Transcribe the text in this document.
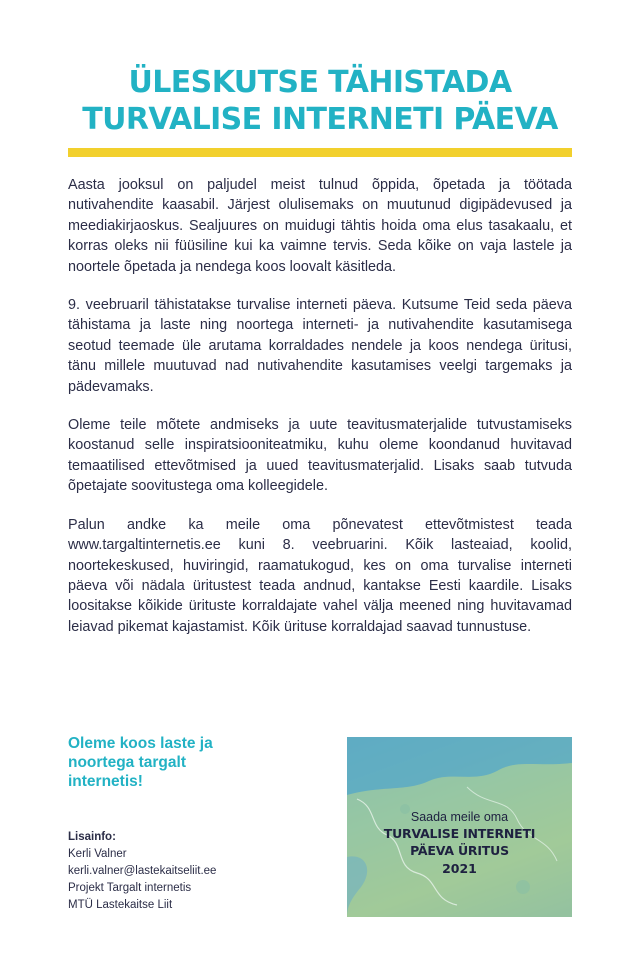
ÜLESKUTSE TÄHISTADA
TURVALISE INTERNETI PÄEVA

Aasta jooksul on paljudel meist tulnud õppida, õpetada ja töötada nutivahendite kaasabil. Järjest olulisemaks on muutunud digipädevused ja meediakirjaoskus. Sealjuures on muidugi tähtis hoida oma elus tasakaalu, et korras oleks nii füüsiline kui ka vaimne tervis. Seda kõike on vaja lastele ja noortele õpetada ja nendega koos loovalt käsitleda.

9. veebruaril tähistatakse turvalise interneti päeva. Kutsume Teid seda päeva tähistama ja laste ning noortega interneti- ja nutivahendite kasutamisega seotud teemade üle arutama korraldades nendele ja koos nendega üritusi, tänu millele muutuvad nad nutivahendite kasutamises veelgi targemaks ja pädevamaks.

Oleme teile mõtete andmiseks ja uute teavitusmaterjalide tutvustamiseks koostanud selle inspiratsiooniteatmiku, kuhu oleme koondanud huvitavad temaatilised ettevõtmised ja uued teavitusmaterjalid. Lisaks saab tutvuda õpetajate soovitustega oma kolleegidele.

Palun andke ka meile oma põnevatest ettevõtmistest teada www.targaltinternetis.ee kuni 8. veebruarini. Kõik lasteaiad, koolid, noortekeskused, huviringid, raamatukogud, kes on oma turvalise interneti päeva või nädala üritustest teada andnud, kantakse Eesti kaardile. Lisaks loositakse kõikide ürituste korraldajate vahel välja meened ning huvitavamad leiavad pikemat kajastamist. Kõik ürituse korraldajad saavad tunnustuse.

Oleme koos laste ja
noortega targalt
internetis!

Lisainfo:
Kerli Valner
kerli.valner@lastekaitseliit.ee
Projekt Targalt internetis
MTÜ Lastekaitse Liit
Saada meile oma
TURVALISE INTERNETI
PÄEVA ÜRITUS
2021
